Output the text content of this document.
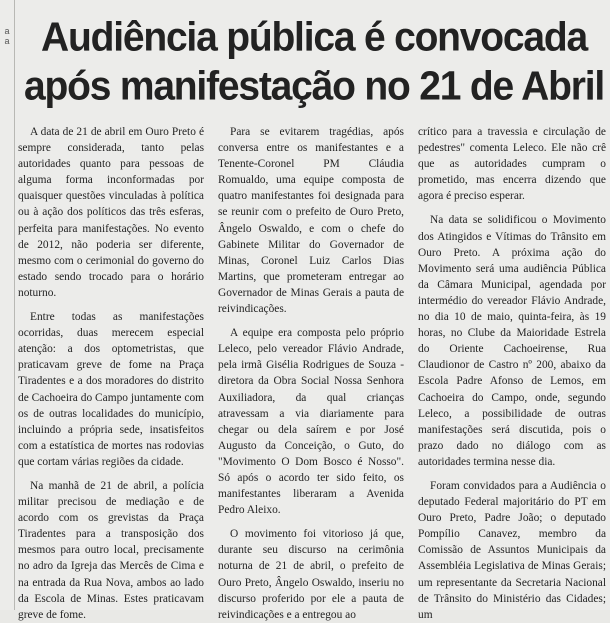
a
a Audiência pública é convocada
após manifestação no 21 de Abril

A data de 21 de abril em Ouro Preto é sempre considerada, tanto pelas autoridades quanto para pessoas de alguma forma inconformadas por quaisquer questões vinculadas à política ou à ação dos políticos das três esferas, perfeita para manifestações. No evento de 2012, não poderia ser diferente, mesmo com o cerimonial do governo do estado sendo trocado para o horário noturno.

Entre todas as manifestações ocorridas, duas merecem especial atenção: a dos optometristas, que praticavam greve de fome na Praça Tiradentes e a dos moradores do distrito de Cachoeira do Campo juntamente com os de outras localidades do município, incluindo a própria sede, insatisfeitos com a estatística de mortes nas rodovias que cortam várias regiões da cidade.

Na manhã de 21 de abril, a polícia militar precisou de mediação e de acordo com os grevistas da Praça Tiradentes para a transposição dos mesmos para outro local, precisamente no adro da Igreja das Mercês de Cima e na entrada da Rua Nova, ambos ao lado da Escola de Minas. Estes praticavam greve de fome.

Para se evitarem tragédias, após conversa entre os manifestantes e a Tenente-Coronel PM Cláudia Romualdo, uma equipe composta de quatro manifestantes foi designada para se reunir com o prefeito de Ouro Preto, Ângelo Oswaldo, e com o chefe do Gabinete Militar do Governador de Minas, Coronel Luiz Carlos Dias Martins, que prometeram entregar ao Governador de Minas Gerais a pauta de reivindicações.

A equipe era composta pelo próprio Leleco, pelo vereador Flávio Andrade, pela irmã Gisélia Rodrigues de Souza - diretora da Obra Social Nossa Senhora Auxiliadora, da qual crianças atravessam a via diariamente para chegar ou dela saírem e por José Augusto da Conceição, o Guto, do "Movimento O Dom Bosco é Nosso". Só após o acordo ter sido feito, os manifestantes liberaram a Avenida Pedro Aleixo.

O movimento foi vitorioso já que, durante seu discurso na cerimônia noturna de 21 de abril, o prefeito de Ouro Preto, Ângelo Oswaldo, inseriu no discurso proferido por ele a pauta de reivindicações e a entregou ao

crítico para a travessia e circulação de pedestres" comenta Leleco. Ele não crê que as autoridades cumpram o prometido, mas encerra dizendo que agora é preciso esperar.

Na data se solidificou o Movimento dos Atingidos e Vítimas do Trânsito em Ouro Preto. A próxima ação do Movimento será uma audiência Pública da Câmara Municipal, agendada por intermédio do vereador Flávio Andrade, no dia 10 de maio, quinta-feira, às 19 horas, no Clube da Maioridade Estrela do Oriente Cachoeirense, Rua Claudionor de Castro nº 200, abaixo da Escola Padre Afonso de Lemos, em Cachoeira do Campo, onde, segundo Leleco, a possibilidade de outras manifestações será discutida, pois o prazo dado no diálogo com as autoridades termina nesse dia.

Foram convidados para a Audiência o deputado Federal majoritário do PT em Ouro Preto, Padre João; o deputado Pompílio Canavez, membro da Comissão de Assuntos Municipais da Assembléia Legislativa de Minas Gerais; um representante da Secretaria Nacional de Trânsito do Ministério das Cidades; um
